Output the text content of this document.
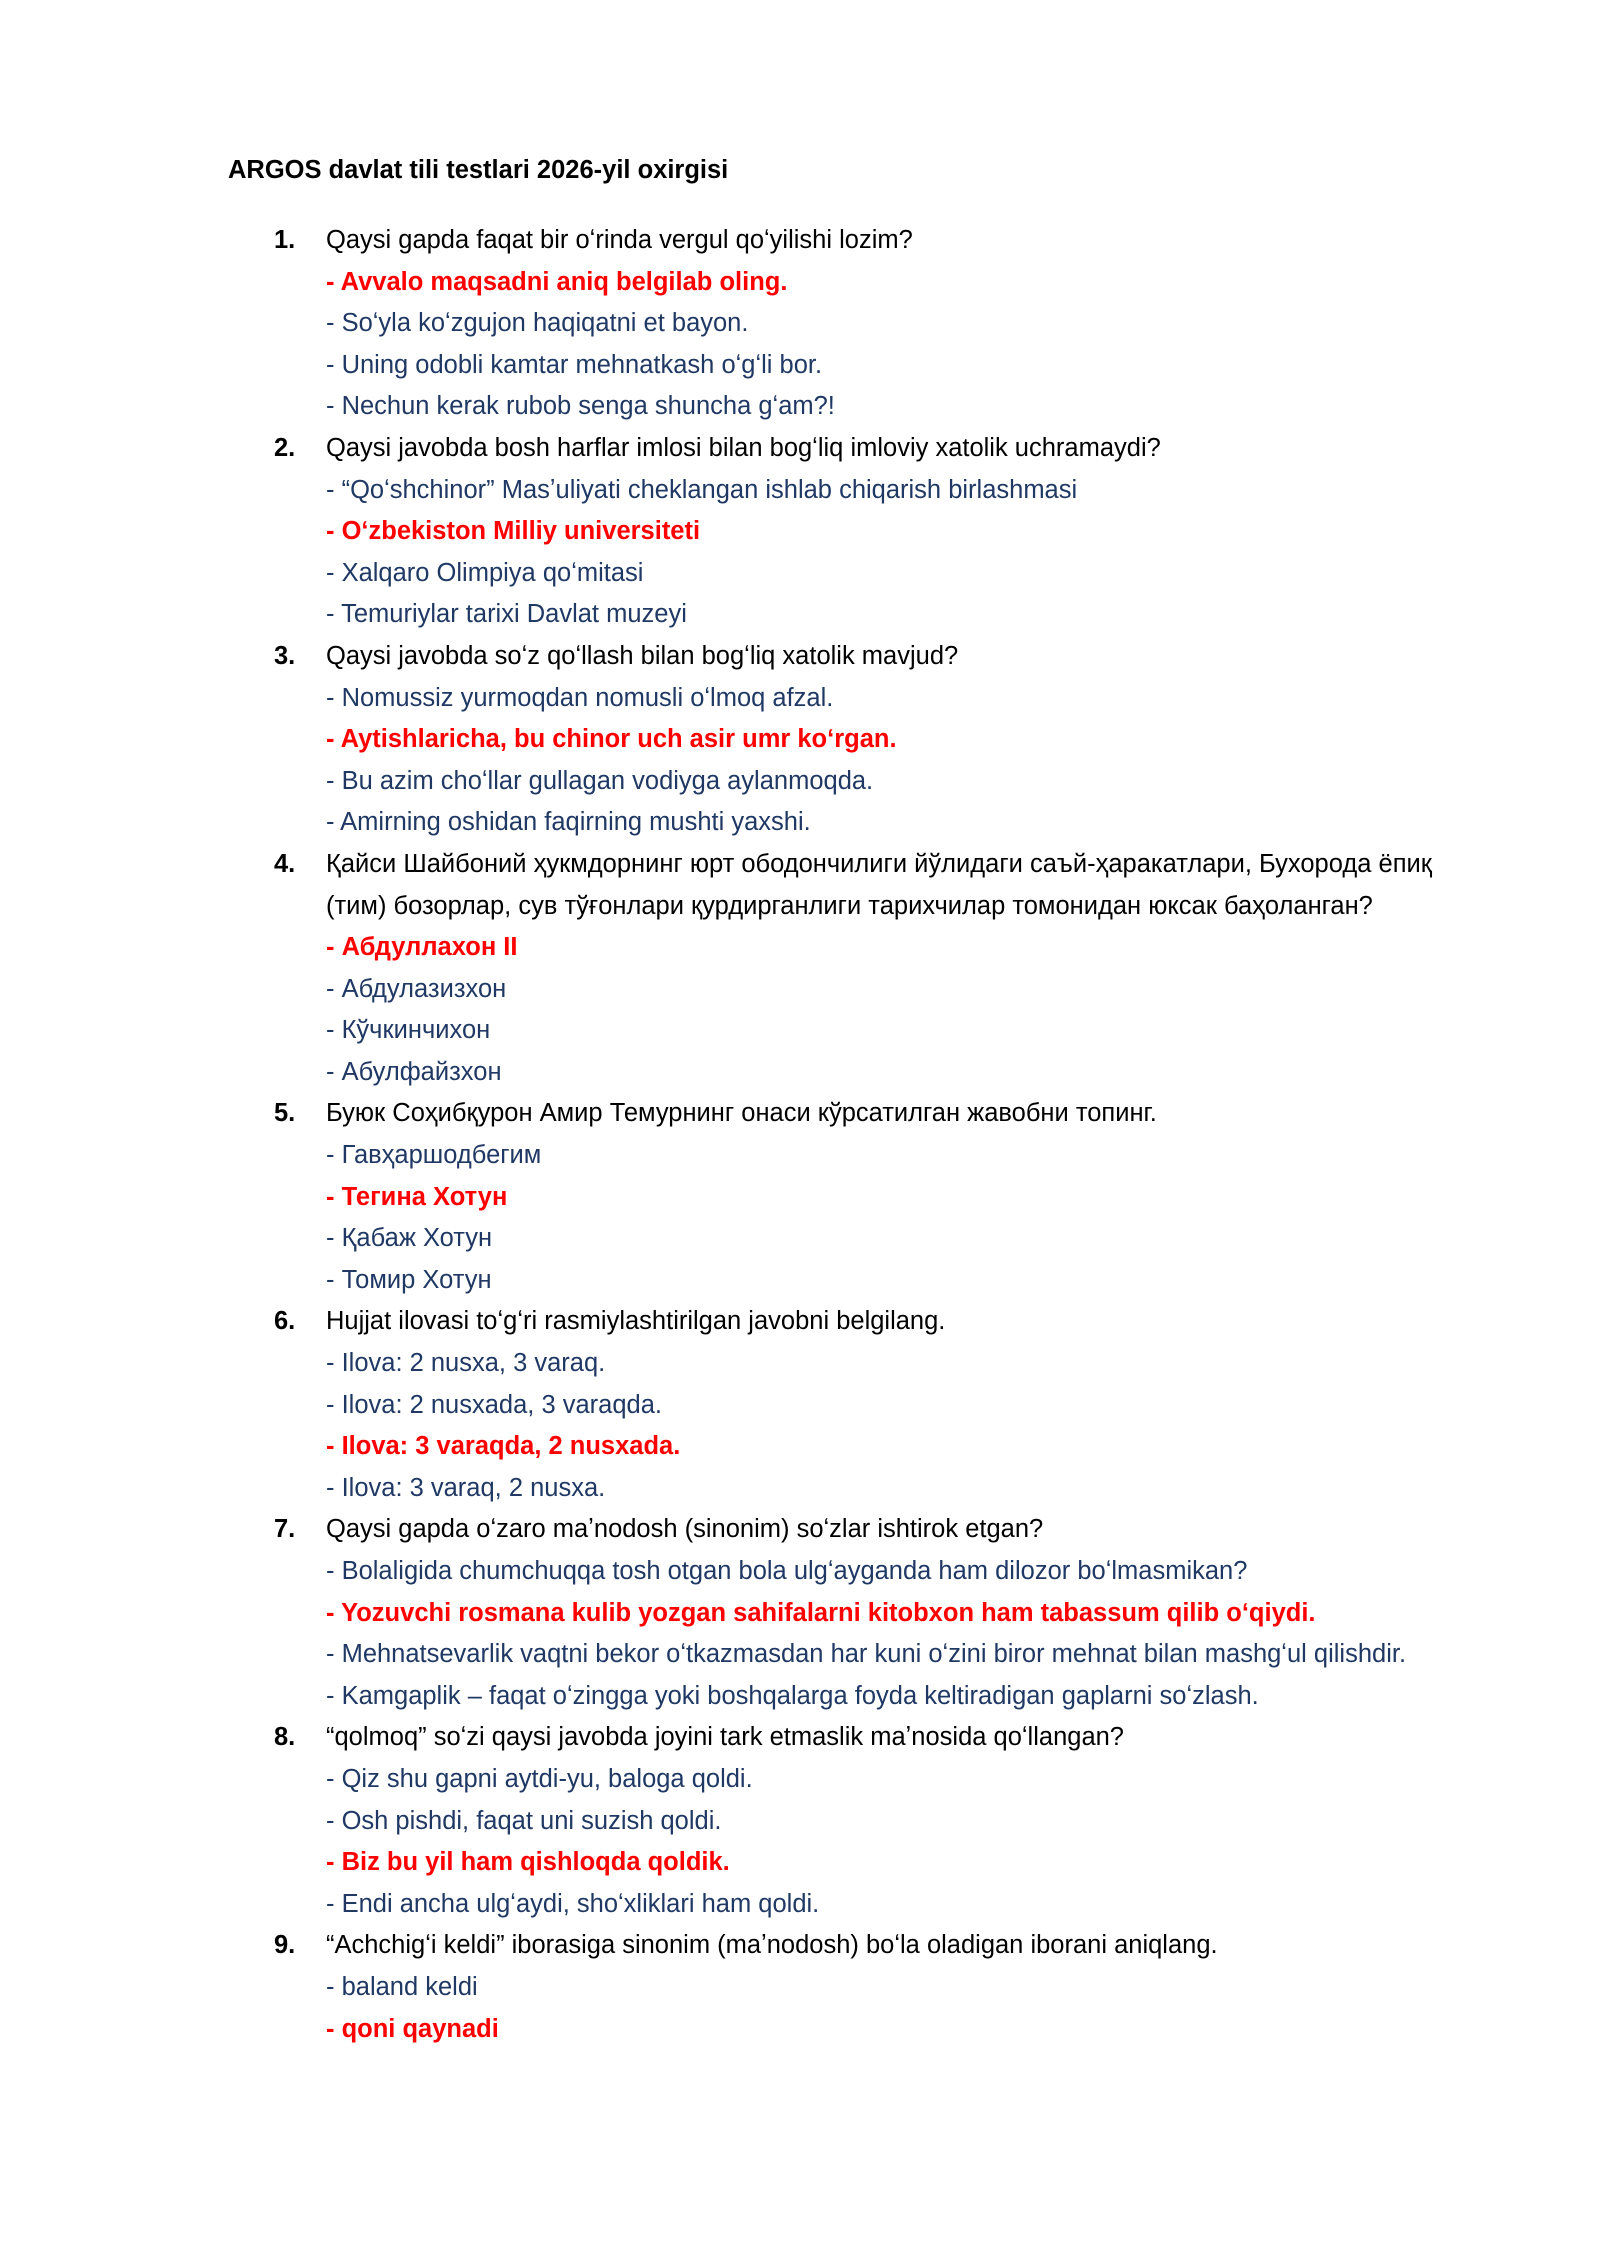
ARGOS davlat tili testlari 2026-yil oxirgisi
1. Qaysi gapda faqat bir oʻrinda vergul qoʻyilishi lozim?
- Avvalo maqsadni aniq belgilab oling.
- Soʻyla koʻzgujon haqiqatni et bayon.
- Uning odobli kamtar mehnatkash oʻgʻli bor.
- Nechun kerak rubob senga shuncha gʻam?!
2. Qaysi javobda bosh harflar imlosi bilan bogʻliq imloviy xatolik uchramaydi?
- “Qoʻshchinor” Masʼuliyati cheklangan ishlab chiqarish birlashmasi
- Oʻzbekiston Milliy universiteti
- Xalqaro Olimpiya qoʻmitasi
- Temuriylar tarixi Davlat muzeyi
3. Qaysi javobda soʻz qoʻllash bilan bogʻliq xatolik mavjud?
- Nomussiz yurmoqdan nomusli oʻlmoq afzal.
- Aytishlaricha, bu chinor uch asir umr koʻrgan.
- Bu azim choʻllar gullagan vodiyga aylanmoqda.
- Amirning oshidan faqirning mushti yaxshi.
4. Қайси Шайбоний ҳукмдорнинг юрт ободончилиги йўлидаги саъй-ҳаракатлари, Бухорода ёпиқ (тим) бозорлар, сув тўғонлари қурдирганлиги тарихчилар томонидан юксак баҳоланган?
- Абдуллахон II
- Абдулазизхон
- Кўчкинчихон
- Абулфайзхон
5. Буюк Соҳибқурон Амир Темурнинг онаси кўрсатилган жавобни топинг.
- Гавҳаршодбегим
- Тегина Хотун
- Қабаж Хотун
- Томир Хотун
6. Hujjat ilovasi toʻgʻri rasmiylashtirilgan javobni belgilang.
- Ilova: 2 nusxa, 3 varaq.
- Ilova: 2 nusxada, 3 varaqda.
- Ilova: 3 varaqda, 2 nusxada.
- Ilova: 3 varaq, 2 nusxa.
7. Qaysi gapda oʻzaro maʼnodosh (sinonim) soʻzlar ishtirok etgan?
- Bolaligida chumchuqqa tosh otgan bola ulgʻayganda ham dilozor boʻlmasmikan?
- Yozuvchi rosmana kulib yozgan sahifalarni kitobxon ham tabassum qilib oʻqiydi.
- Mehnatsevarlik vaqtni bekor oʻtkazmasdan har kuni oʻzini biror mehnat bilan mashgʻul qilishdir.
- Kamgaplik – faqat oʻzingga yoki boshqalarga foyda keltiradigan gaplarni soʻzlash.
8. “qolmoq” soʻzi qaysi javobda joyini tark etmaslik maʼnosida qoʻllangan?
- Qiz shu gapni aytdi-yu, baloga qoldi.
- Osh pishdi, faqat uni suzish qoldi.
- Biz bu yil ham qishloqda qoldik.
- Endi ancha ulgʻaydi, shoʻxliklari ham qoldi.
9. “Achchigʻi keldi” iborasiga sinonim (maʼnodosh) boʻla oladigan iborani aniqlang.
- baland keldi
- qoni qaynadi
